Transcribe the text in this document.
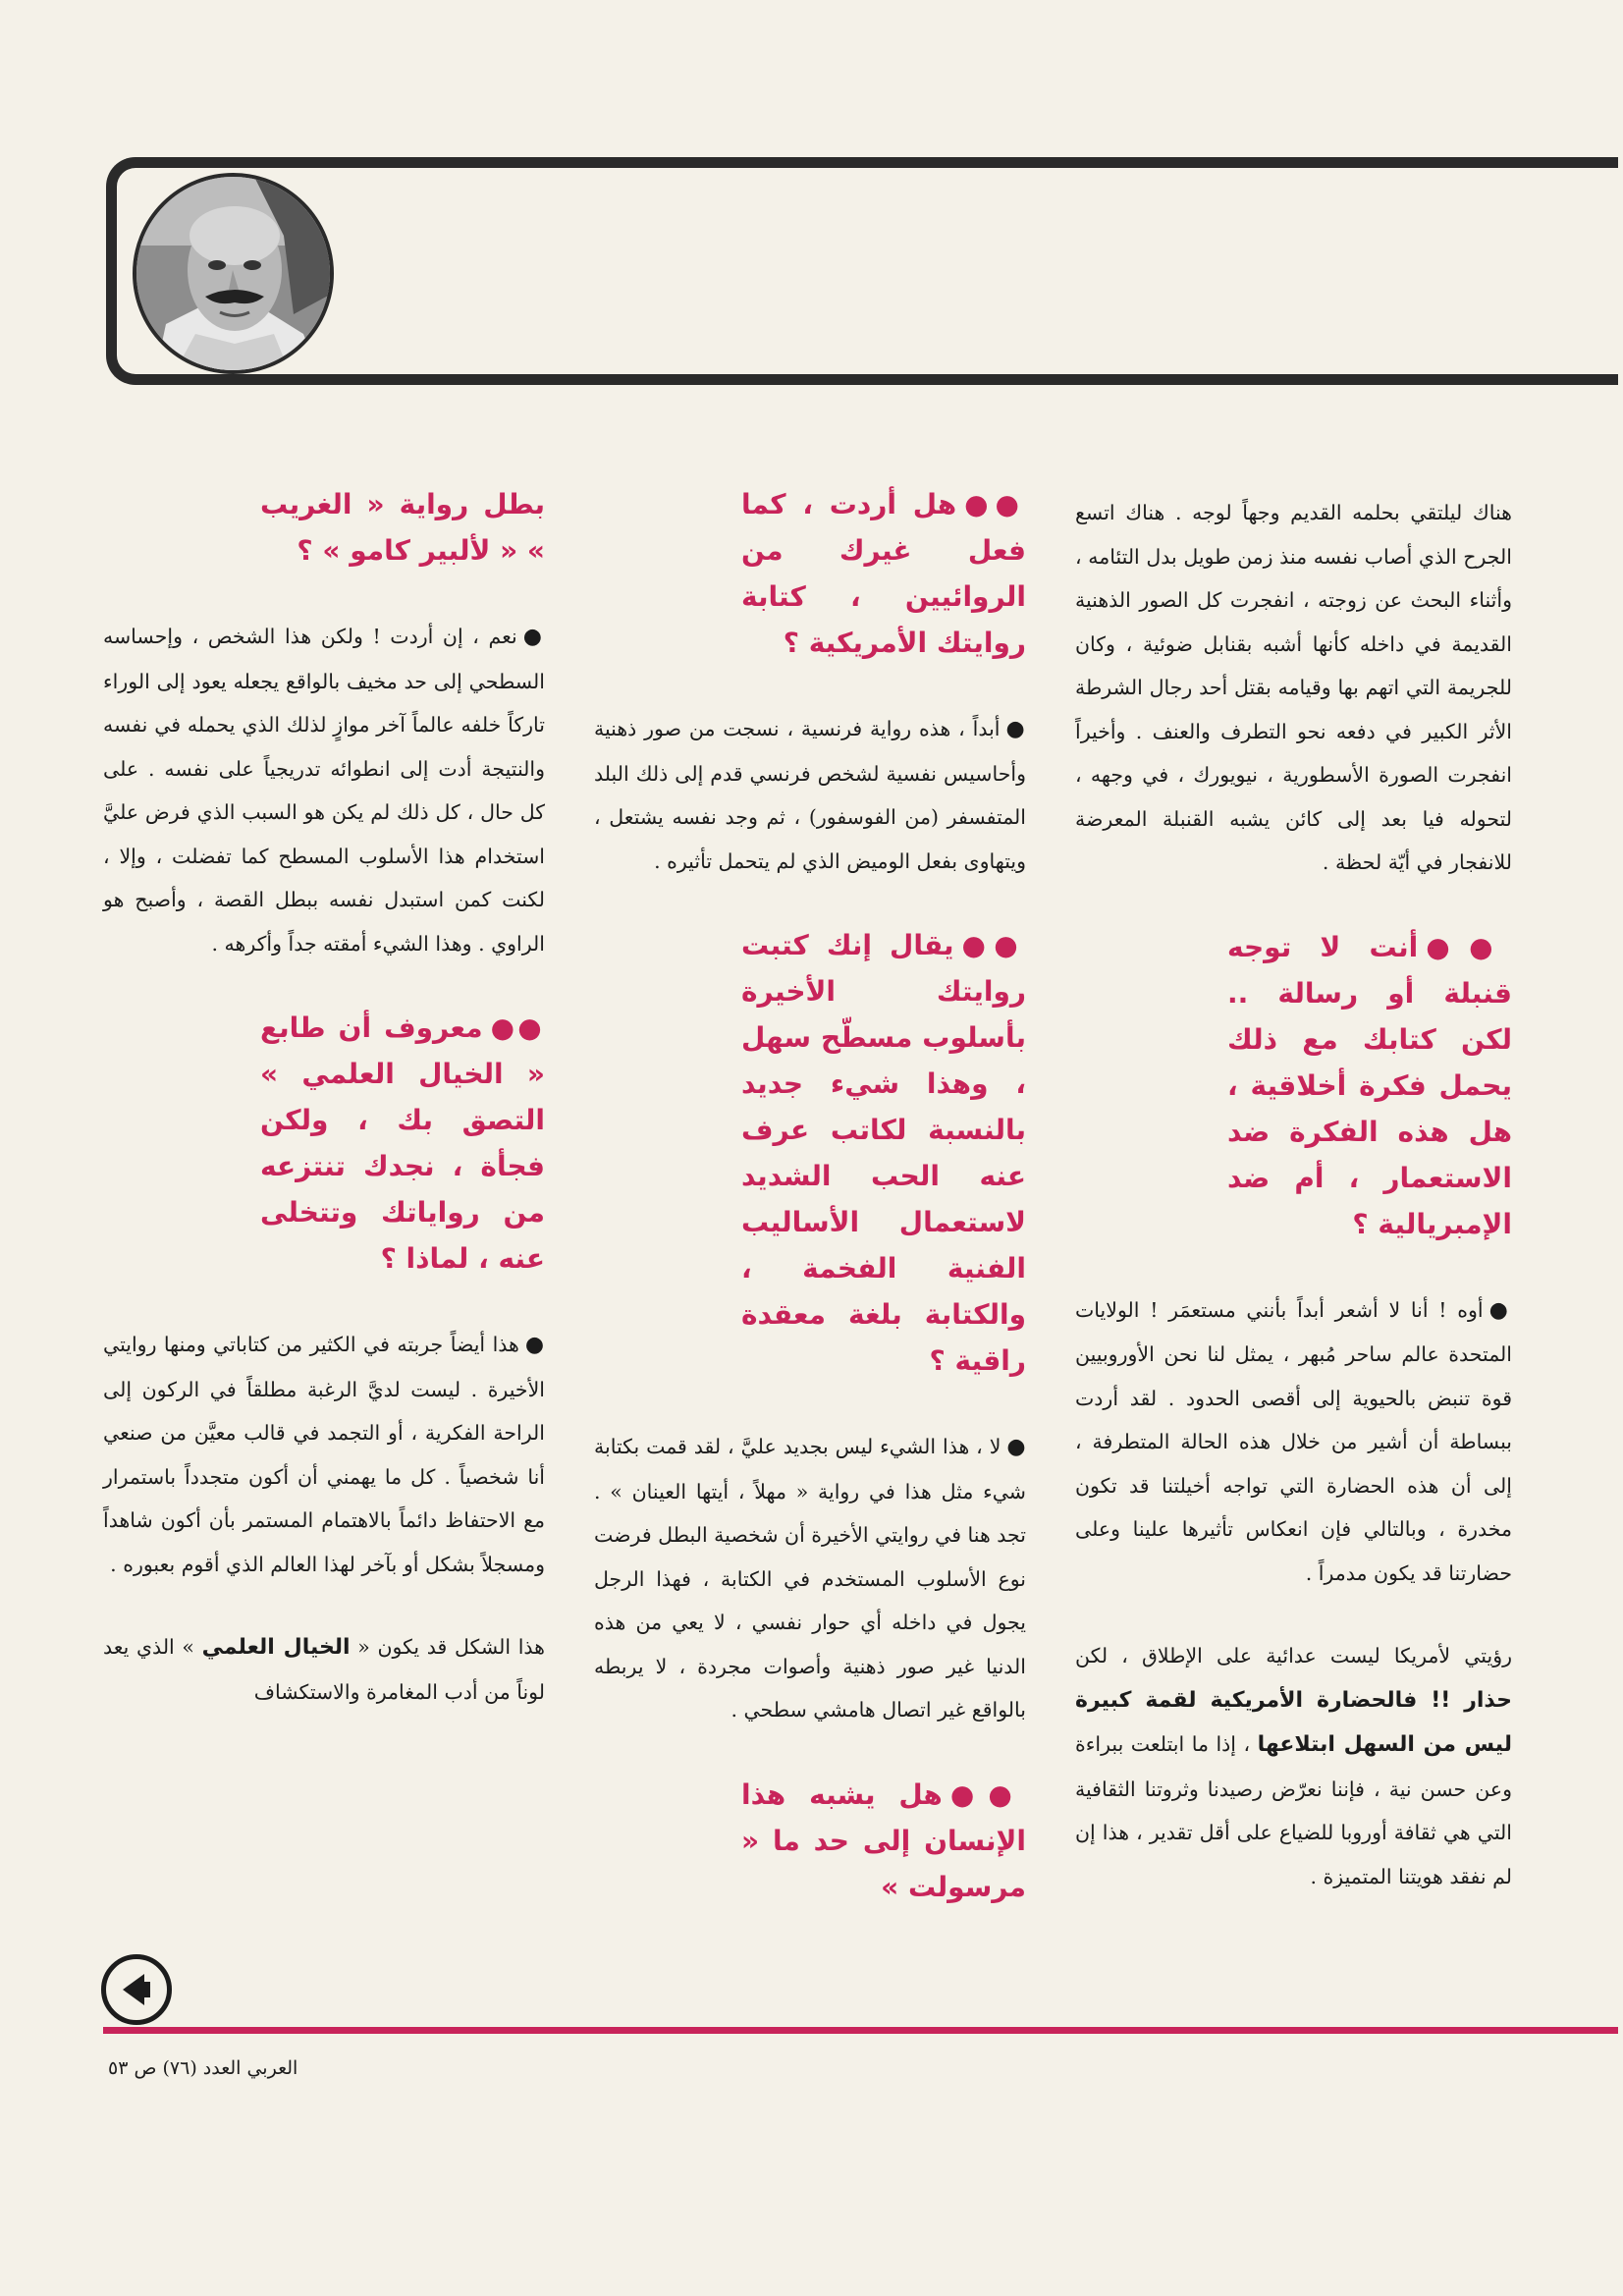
هناك ليلتقي بحلمه القديم وجهاً لوجه . هناك اتسع الجرح الذي أصاب نفسه منذ زمن طويل بدل التئامه ، وأثناء البحث عن زوجته ، انفجرت كل الصور الذهنية القديمة في داخله كأنها أشبه بقنابل ضوئية ، وكان للجريمة التي اتهم بها وقيامه بقتل أحد رجال الشرطة الأثر الكبير في دفعه نحو التطرف والعنف . وأخيراً انفجرت الصورة الأسطورية ، نيويورك ، في وجهه ، لتحوله فيا بعد إلى كائن يشبه القنبلة المعرضة للانفجار في أيّة لحظة .

●●أنت لا توجه قنبلة أو رسالة .. لكن كتابك مع ذلك يحمل فكرة أخلاقية ، هل هذه الفكرة ضد الاستعمار ، أم ضد الإمبريالية ؟

●أوه ! أنا لا أشعر أبداً بأنني مستعمَر ! الولايات المتحدة عالم ساحر مُبهر ، يمثل لنا نحن الأوروبيين قوة تنبض بالحيوية إلى أقصى الحدود . لقد أردت ببساطة أن أشير من خلال هذه الحالة المتطرفة ، إلى أن هذه الحضارة التي تواجه أخيلتنا قد تكون مخدرة ، وبالتالي فإن انعكاس تأثيرها علينا وعلى حضارتنا قد يكون مدمراً .

رؤيتي لأمريكا ليست عدائية على الإطلاق ، لكن حذار !! فالحضارة الأمريكية لقمة كبيرة ليس من السهل ابتلاعها ، إذا ما ابتلعت ببراءة وعن حسن نية ، فإننا نعرّض رصيدنا وثروتنا الثقافية التي هي ثقافة أوروبا للضياع على أقل تقدير ، هذا إن لم نفقد هويتنا المتميزة .

●●هل أردت ، كما فعل غيرك من الروائيين ، كتابة روايتك الأمريكية ؟

●أبداً ، هذه رواية فرنسية ، نسجت من صور ذهنية وأحاسيس نفسية لشخص فرنسي قدم إلى ذلك البلد المتفسفر (من الفوسفور) ، ثم وجد نفسه يشتعل ، ويتهاوى بفعل الوميض الذي لم يتحمل تأثيره .

●●يقال إنك كتبت روايتك الأخيرة بأسلوب مسطّح سهل ، وهذا شيء جديد بالنسبة لكاتب عرف عنه الحب الشديد لاستعمال الأساليب الفنية الفخمة ، والكتابة بلغة معقدة راقية ؟

●لا ، هذا الشيء ليس بجديد عليَّ ، لقد قمت بكتابة شيء مثل هذا في رواية « مهلاً ، أيتها العينان » . تجد هنا في روايتي الأخيرة أن شخصية البطل فرضت نوع الأسلوب المستخدم في الكتابة ، فهذا الرجل يجول في داخله أي حوار نفسي ، لا يعي من هذه الدنيا غير صور ذهنية وأصوات مجردة ، لا يربطه بالواقع غير اتصال هامشي سطحي .

●●هل يشبه هذا الإنسان إلى حد ما « مرسولت »
بطل رواية « الغريب » « لألبير كامو » ؟

●نعم ، إن أردت ! ولكن هذا الشخص ، وإحساسه السطحي إلى حد مخيف بالواقع يجعله يعود إلى الوراء تاركاً خلفه عالماً آخر موازٍ لذلك الذي يحمله في نفسه والنتيجة أدت إلى انطوائه تدريجياً على نفسه . على كل حال ، كل ذلك لم يكن هو السبب الذي فرض عليَّ استخدام هذا الأسلوب المسطح كما تفضلت ، وإلا ، لكنت كمن استبدل نفسه ببطل القصة ، وأصبح هو الراوي . وهذا الشيء أمقته جداً وأكرهه .

●●معروف أن طابع « الخيال العلمي » التصق بك ، ولكن فجأة ، نجدك تنتزعه من رواياتك وتتخلى عنه ، لماذا ؟

●هذا أيضاً جربته في الكثير من كتاباتي ومنها روايتي الأخيرة . ليست لديَّ الرغبة مطلقاً في الركون إلى الراحة الفكرية ، أو التجمد في قالب معيَّن من صنعي أنا شخصياً . كل ما يهمني أن أكون متجدداً باستمرار مع الاحتفاظ دائماً بالاهتمام المستمر بأن أكون شاهداً ومسجلاً بشكل أو بآخر لهذا العالم الذي أقوم بعبوره .

هذا الشكل قد يكون « الخيال العلمي » الذي يعد لوناً من أدب المغامرة والاستكشاف

العربي العدد (٧٦) ص ٥٣
